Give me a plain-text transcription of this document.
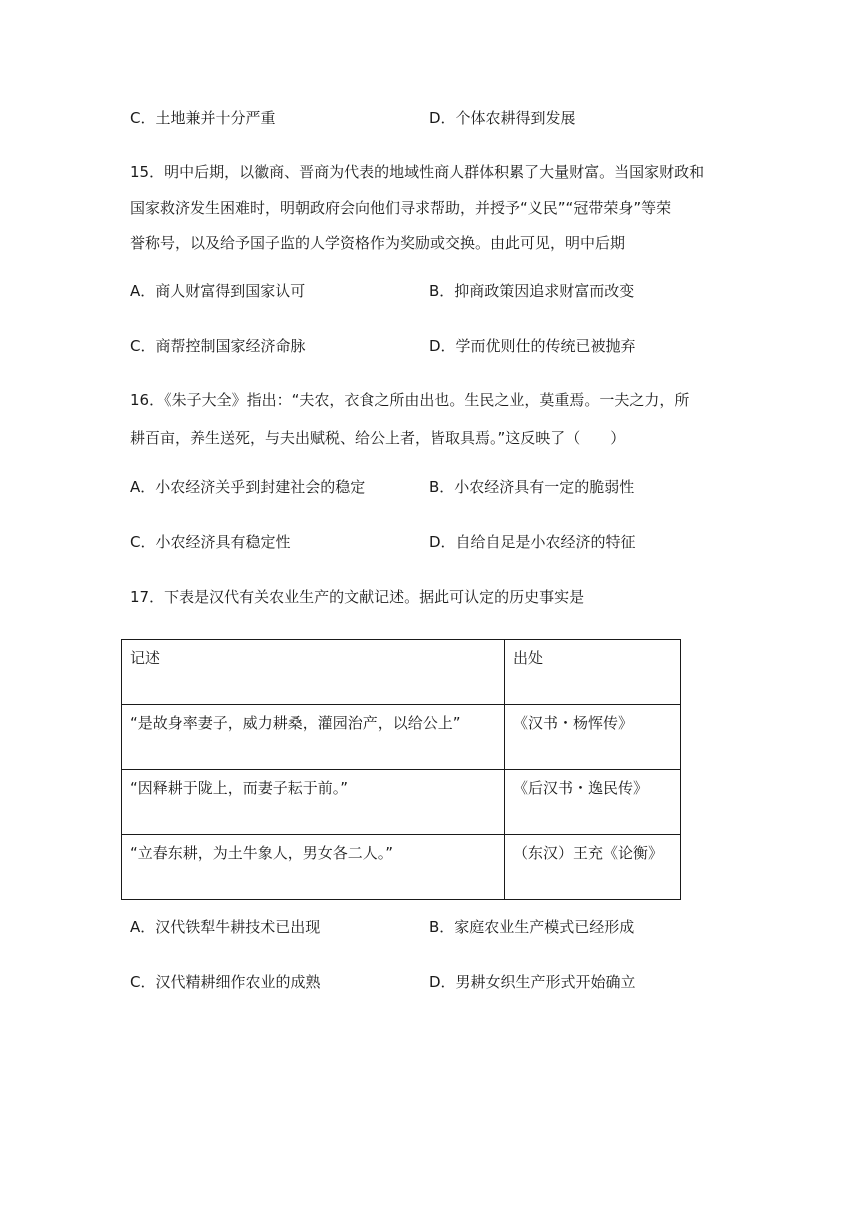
C．土地兼并十分严重	D．个体农耕得到发展
15．明中后期，以徽商、晋商为代表的地域性商人群体积累了大量财富。当国家财政和
国家救济发生困难时，明朝政府会向他们寻求帮助，并授予“义民”“冠带荣身”等荣
誉称号，以及给予国子监的人学资格作为奖励或交换。由此可见，明中后期
A．商人财富得到国家认可	B．抑商政策因追求财富而改变
C．商帮控制国家经济命脉	D．学而优则仕的传统已被抛弃
16．《朱子大全》指出：“夫农，衣食之所由出也。生民之业，莫重焉。一夫之力，所
耕百亩，养生送死，与夫出赋税、给公上者，皆取具焉。”这反映了（　　）
A．小农经济关乎到封建社会的稳定	B．小农经济具有一定的脆弱性
C．小农经济具有稳定性	D．自给自足是小农经济的特征
17．下表是汉代有关农业生产的文献记述。据此可认定的历史事实是
记述	出处
“是故身率妻子，威力耕桑，灌园治产，以给公上”	《汉书・杨恽传》
“因释耕于陇上，而妻子耘于前。”	《后汉书・逸民传》
“立春东耕，为土牛象人，男女各二人。”	（东汉）王充《论衡》
A．汉代铁犁牛耕技术已出现	B．家庭农业生产模式已经形成
C．汉代精耕细作农业的成熟	D．男耕女织生产形式开始确立
